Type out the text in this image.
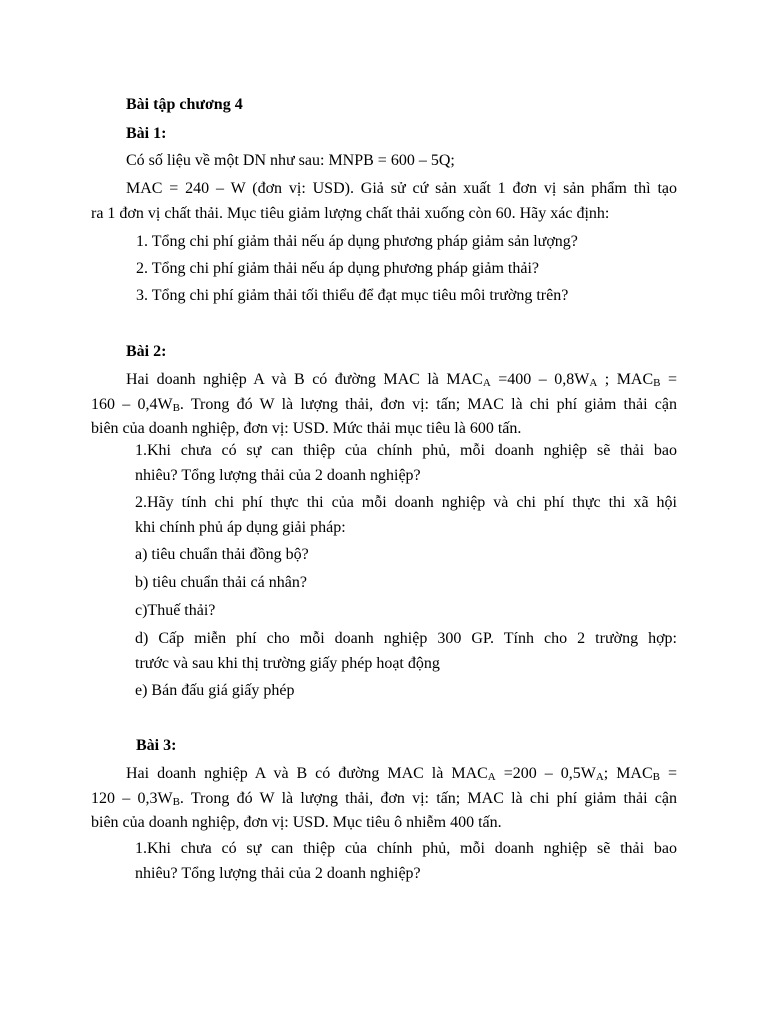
Bài tập chương 4
Bài 1:
Có số liệu về một DN như sau: MNPB = 600 – 5Q;
MAC = 240 – W (đơn vị: USD). Giả sử cứ sản xuất 1 đơn vị sản phẩm thì tạo
ra 1 đơn vị chất thải. Mục tiêu giảm lượng chất thải xuống còn 60. Hãy xác định:
1. Tổng chi phí giảm thải nếu áp dụng phương pháp giảm sản lượng?
2. Tổng chi phí giảm thải nếu áp dụng phương pháp giảm thải?
3. Tổng chi phí giảm thải tối thiểu để đạt mục tiêu môi trường trên?
Bài 2:
Hai doanh nghiệp A và B có đường MAC là $MAC_A =400 - 0,8W_A$ ; $MAC_B$ =
$160 - 0,4W_B$. Trong đó W là lượng thải, đơn vị: tấn; MAC là chi phí giảm thải cận
biên của doanh nghiệp, đơn vị: USD. Mức thải mục tiêu là 600 tấn.
1.Khi chưa có sự can thiệp của chính phủ, mỗi doanh nghiệp sẽ thải bao
nhiêu? Tổng lượng thải của 2 doanh nghiệp?
2.Hãy tính chi phí thực thi của mỗi doanh nghiệp và chi phí thực thi xã hội
khi chính phủ áp dụng giải pháp:
a) tiêu chuẩn thải đồng bộ?
b) tiêu chuẩn thải cá nhân?
c)Thuế thải?
d) Cấp miễn phí cho mỗi doanh nghiệp 300 GP. Tính cho 2 trường hợp:
trước và sau khi thị trường giấy phép hoạt động
e) Bán đấu giá giấy phép
Bài 3:
Hai doanh nghiệp A và B có đường MAC là $MAC_A =200 - 0,5W_A$; $MAC_B$ =
$120 - 0,3W_B$. Trong đó W là lượng thải, đơn vị: tấn; MAC là chi phí giảm thải cận
biên của doanh nghiệp, đơn vị: USD. Mục tiêu ô nhiễm 400 tấn.
1.Khi chưa có sự can thiệp của chính phủ, mỗi doanh nghiệp sẽ thải bao
nhiêu? Tổng lượng thải của 2 doanh nghiệp?
